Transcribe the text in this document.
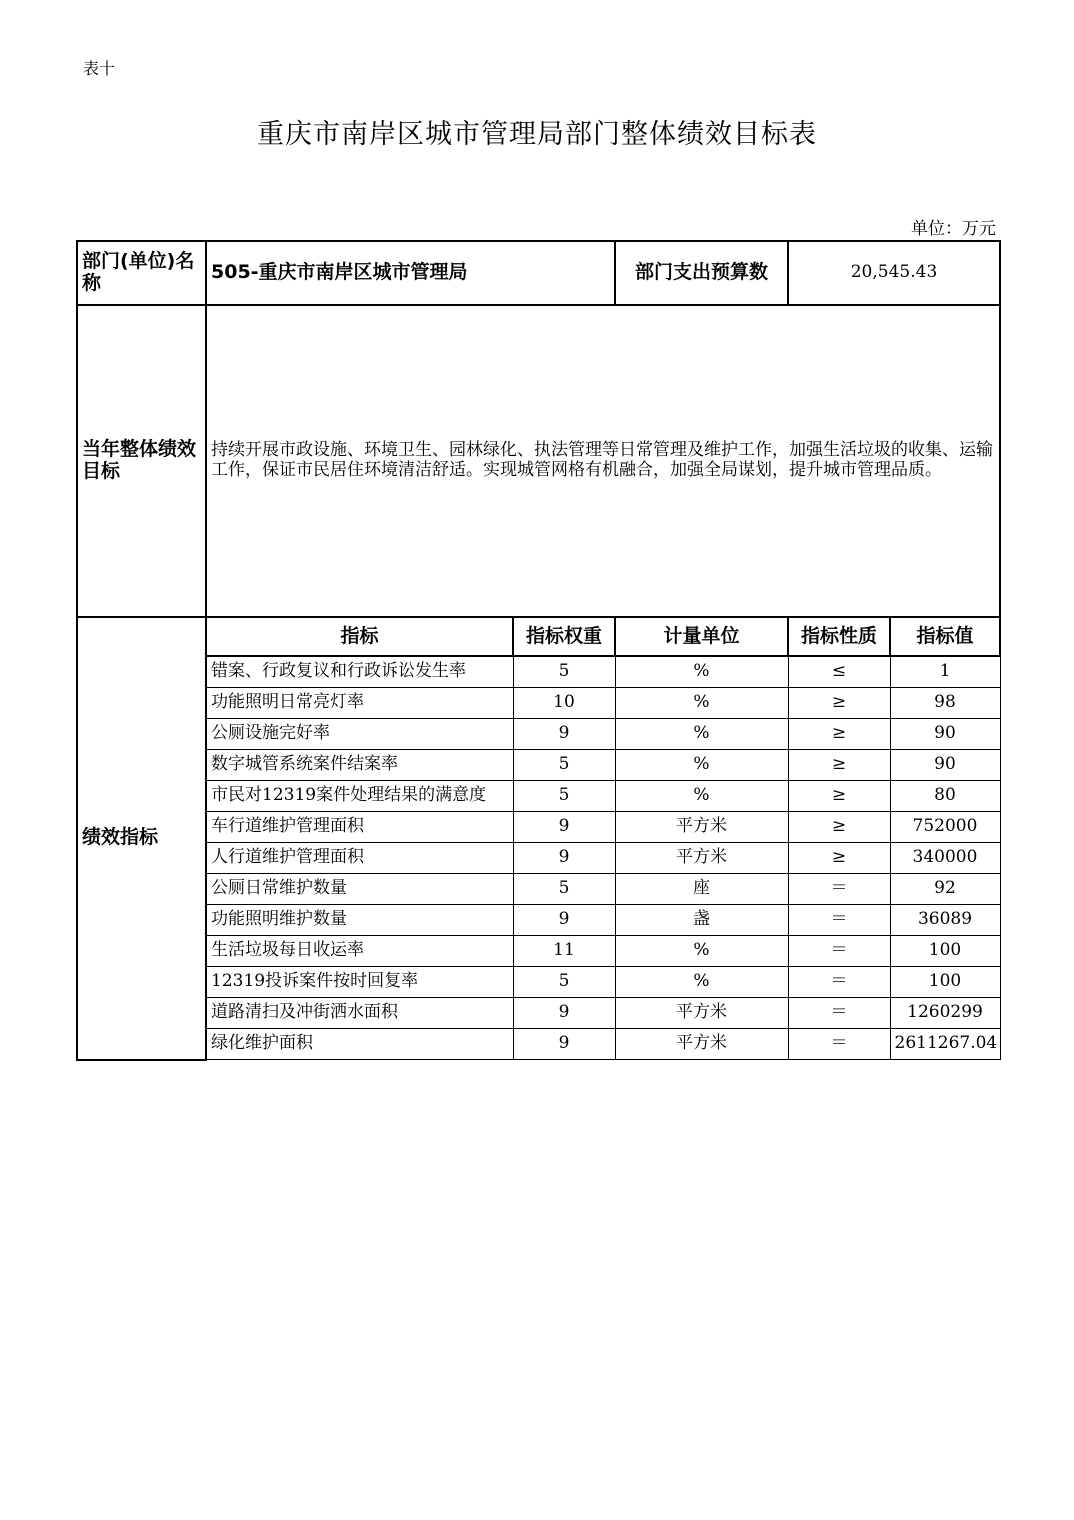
表十
重庆市南岸区城市管理局部门整体绩效目标表
单位：万元
部门(单位)名称	505-重庆市南岸区城市管理局		部门支出预算数	20,545.43	
当年整体绩效目标	持续开展市政设施、环境卫生、园林绿化、执法管理等日常管理及维护工作，加强生活垃圾的收集、运输工作，保证市民居住环境清洁舒适。实现城管网格有机融合，加强全局谋划，提升城市管理品质。				
绩效指标	指标	指标权重	计量单位	指标性质	指标值
	错案、行政复议和行政诉讼发生率	5	%	≤	1
	功能照明日常亮灯率	10	%	≥	98
	公厕设施完好率	9	%	≥	90
	数字城管系统案件结案率	5	%	≥	90
	市民对12319案件处理结果的满意度	5	%	≥	80
	车行道维护管理面积	9	平方米	≥	752000
	人行道维护管理面积	9	平方米	≥	340000
	公厕日常维护数量	5	座	＝	92
	功能照明维护数量	9	盏	＝	36089
	生活垃圾每日收运率	11	%	＝	100
	12319投诉案件按时回复率	5	%	＝	100
	道路清扫及冲街洒水面积	9	平方米	＝	1260299
	绿化维护面积	9	平方米	＝	2611267.04
